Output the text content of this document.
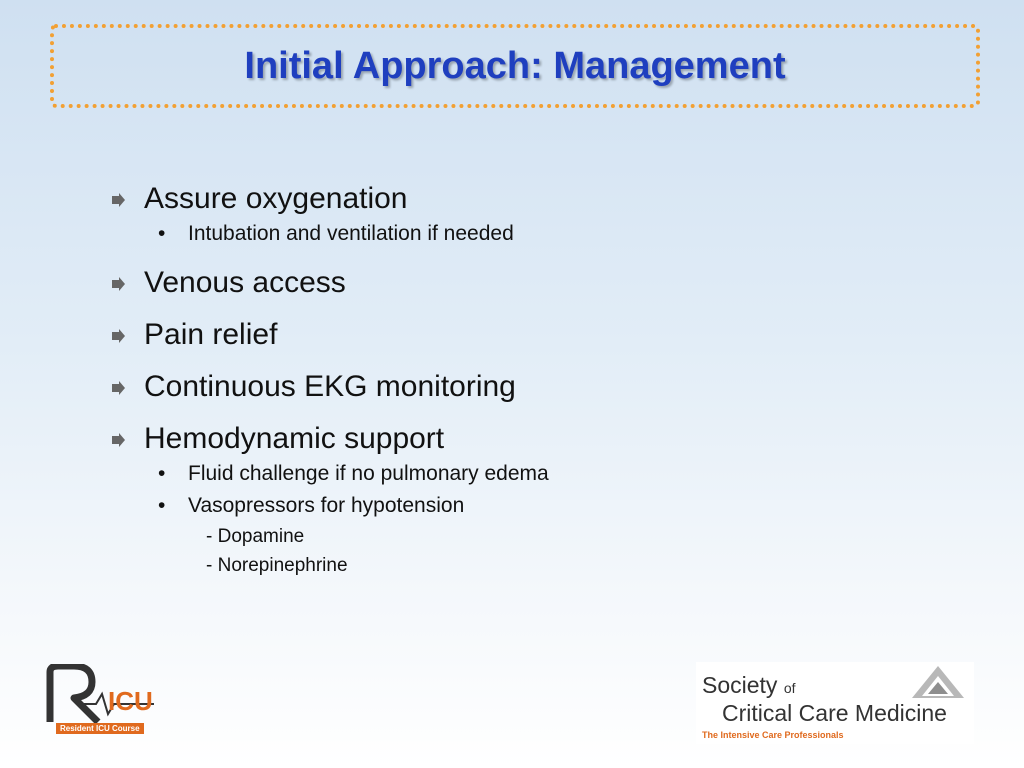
Initial Approach: Management
Assure oxygenation
• Intubation and ventilation if needed
Venous access
Pain relief
Continuous EKG monitoring
Hemodynamic support
• Fluid challenge if no pulmonary edema
• Vasopressors for hypotension
- Dopamine
- Norepinephrine
ICU
Resident ICU Course
Society of
Critical Care Medicine
The Intensive Care Professionals
